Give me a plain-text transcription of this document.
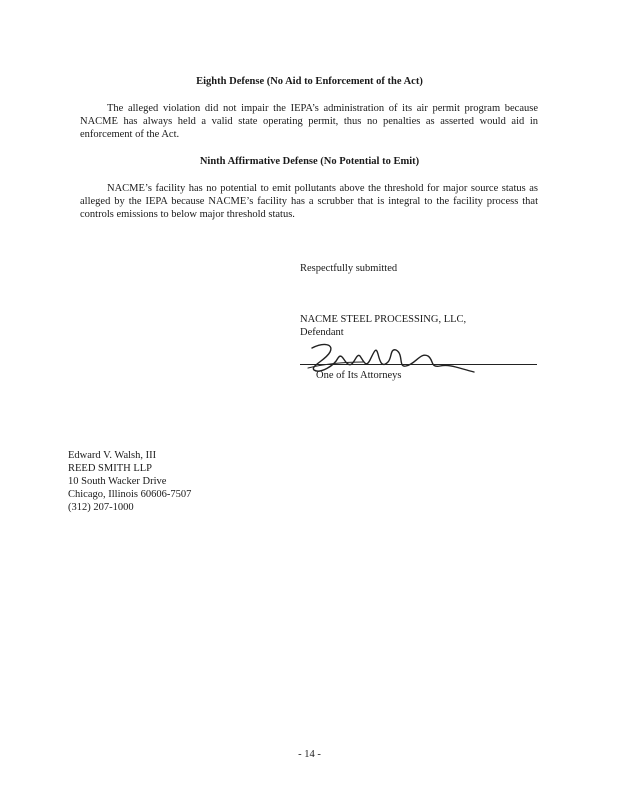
Eighth Defense (No Aid to Enforcement of the Act)
The alleged violation did not impair the IEPA’s administration of its air permit program because NACME has always held a valid state operating permit, thus no penalties as asserted would aid in enforcement of the Act.
Ninth Affirmative Defense (No Potential to Emit)
NACME’s facility has no potential to emit pollutants above the threshold for major source status as alleged by the IEPA because NACME’s facility has a scrubber that is integral to the facility process that controls emissions to below major threshold status.
Respectfully submitted
NACME STEEL PROCESSING, LLC,
Defendant
One of Its Attorneys
Edward V. Walsh, III
REED SMITH LLP
10 South Wacker Drive
Chicago, Illinois 60606-7507
(312) 207-1000
- 14 -
